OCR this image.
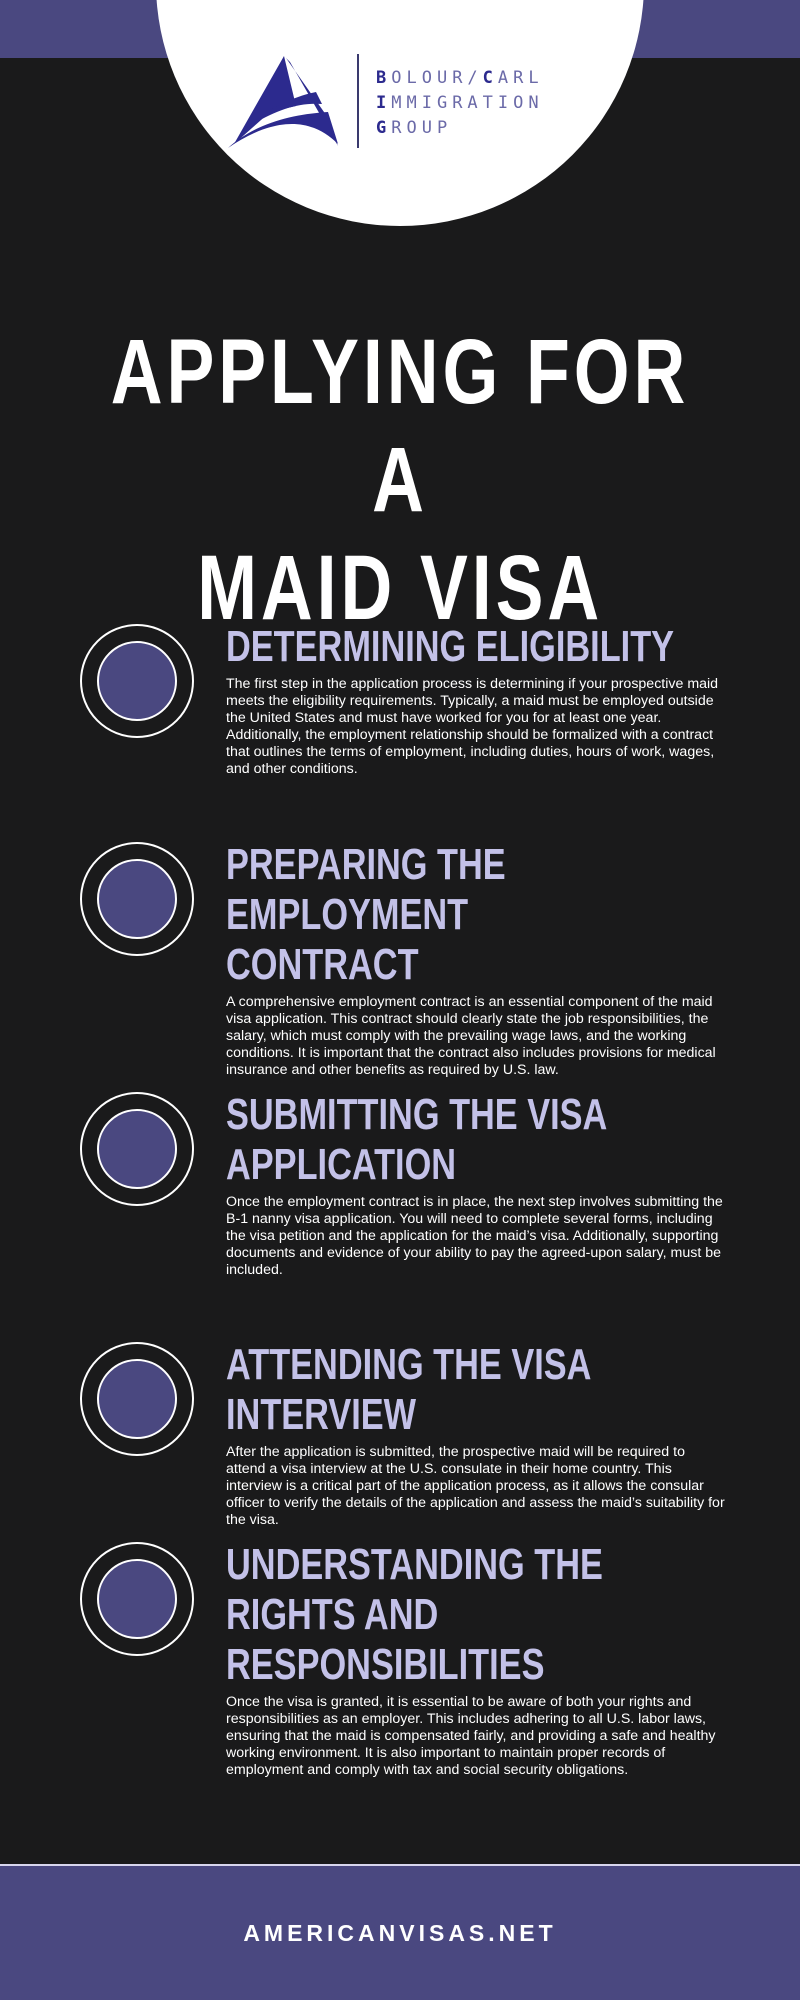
BOLOUR/CARL
IMMIGRATION
GROUP
APPLYING FOR A
MAID VISA
DETERMINING ELIGIBILITY

The first step in the application process is determining if your prospective maid meets the eligibility requirements. Typically, a maid must be employed outside the United States and must have worked for you for at least one year. Additionally, the employment relationship should be formalized with a contract that outlines the terms of employment, including duties, hours of work, wages, and other conditions.

PREPARING THE EMPLOYMENT
CONTRACT

A comprehensive employment contract is an essential component of the maid visa application. This contract should clearly state the job responsibilities, the salary, which must comply with the prevailing wage laws, and the working conditions. It is important that the contract also includes provisions for medical insurance and other benefits as required by U.S. law.

SUBMITTING THE VISA
APPLICATION

Once the employment contract is in place, the next step involves submitting the B-1 nanny visa application. You will need to complete several forms, including the visa petition and the application for the maid’s visa. Additionally, supporting documents and evidence of your ability to pay the agreed-upon salary, must be included.

ATTENDING THE VISA INTERVIEW

After the application is submitted, the prospective maid will be required to attend a visa interview at the U.S. consulate in their home country. This interview is a critical part of the application process, as it allows the consular officer to verify the details of the application and assess the maid’s suitability for the visa.

UNDERSTANDING THE RIGHTS AND
RESPONSIBILITIES

Once the visa is granted, it is essential to be aware of both your rights and responsibilities as an employer. This includes adhering to all U.S. labor laws, ensuring that the maid is compensated fairly, and providing a safe and healthy working environment. It is also important to maintain proper records of employment and comply with tax and social security obligations.

AMERICANVISAS.NET
